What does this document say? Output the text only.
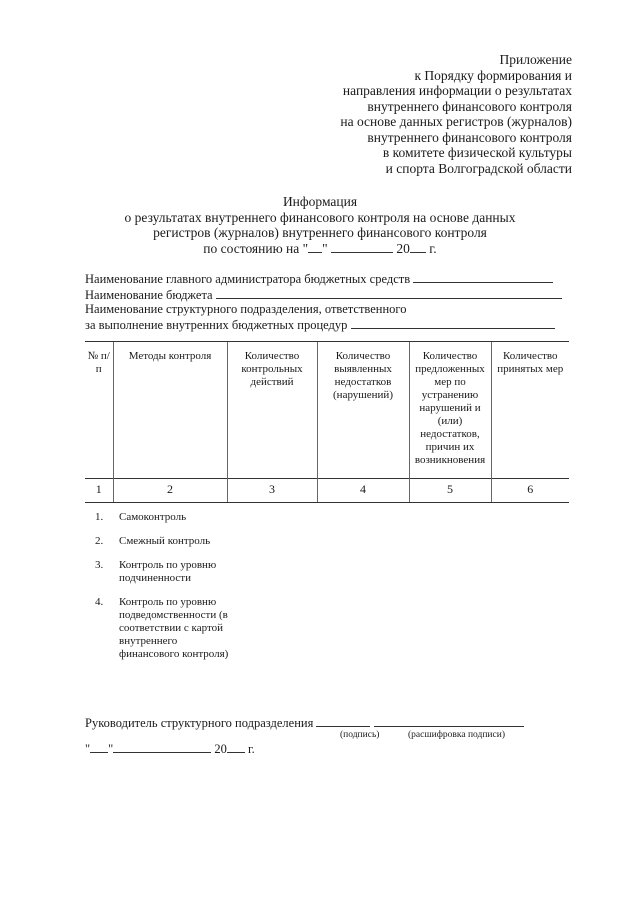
Приложение
к Порядку формирования и
направления информации о результатах
внутреннего финансового контроля
на основе данных регистров (журналов)
внутреннего финансового контроля
в комитете физической культуры
и спорта Волгоградской области
Информация
о результатах внутреннего финансового контроля на основе данных
регистров (журналов) внутреннего финансового контроля
по состоянию на " "	20 г.
Наименование главного администратора бюджетных средств
Наименование бюджета
Наименование структурного подразделения, ответственного
за выполнение внутренних бюджетных процедур
№ п/п	Методы контроля	Количество контрольных действий	Количество выявленных недостатков (нарушений)	Количество предложенных мер по устранению нарушений и (или) недостатков, причин их возникновения	Количество принятых мер
1	2	3	4	5	6
1.	Самоконтроль
2.	Смежный контроль
3.	Контроль по уровню подчиненности
4.	Контроль по уровню подведомственности (в соответствии с картой внутреннего финансового контроля)
Руководитель структурного подразделения
(подпись)	(расшифровка подписи)
" "	20 г.
